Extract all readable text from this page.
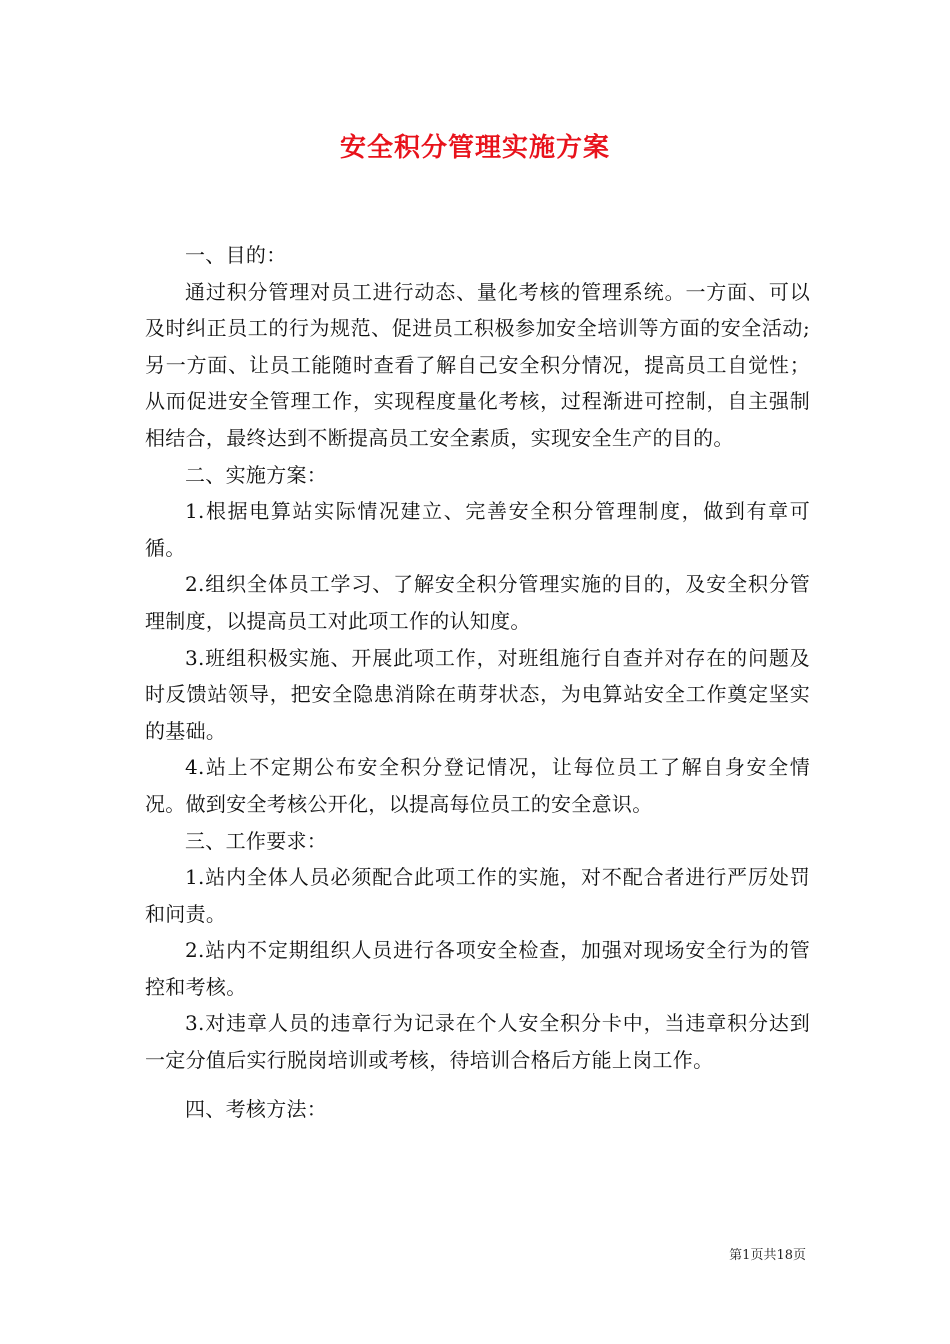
安全积分管理实施方案

一、目的：

通过积分管理对员工进行动态、量化考核的管理系统。一方面、可以及时纠正员工的行为规范、促进员工积极参加安全培训等方面的安全活动;另一方面、让员工能随时查看了解自己安全积分情况，提高员工自觉性；从而促进安全管理工作，实现程度量化考核，过程渐进可控制，自主强制相结合，最终达到不断提高员工安全素质，实现安全生产的目的。

二、实施方案：

1.根据电算站实际情况建立、完善安全积分管理制度，做到有章可循。

2.组织全体员工学习、了解安全积分管理实施的目的，及安全积分管理制度，以提高员工对此项工作的认知度。

3.班组积极实施、开展此项工作，对班组施行自查并对存在的问题及时反馈站领导，把安全隐患消除在萌芽状态，为电算站安全工作奠定坚实的基础。

4.站上不定期公布安全积分登记情况，让每位员工了解自身安全情况。做到安全考核公开化，以提高每位员工的安全意识。

三、工作要求：

1.站内全体人员必须配合此项工作的实施，对不配合者进行严厉处罚和问责。

2.站内不定期组织人员进行各项安全检查，加强对现场安全行为的管控和考核。

3.对违章人员的违章行为记录在个人安全积分卡中，当违章积分达到一定分值后实行脱岗培训或考核，待培训合格后方能上岗工作。

四、考核方法：

第1页共18页
